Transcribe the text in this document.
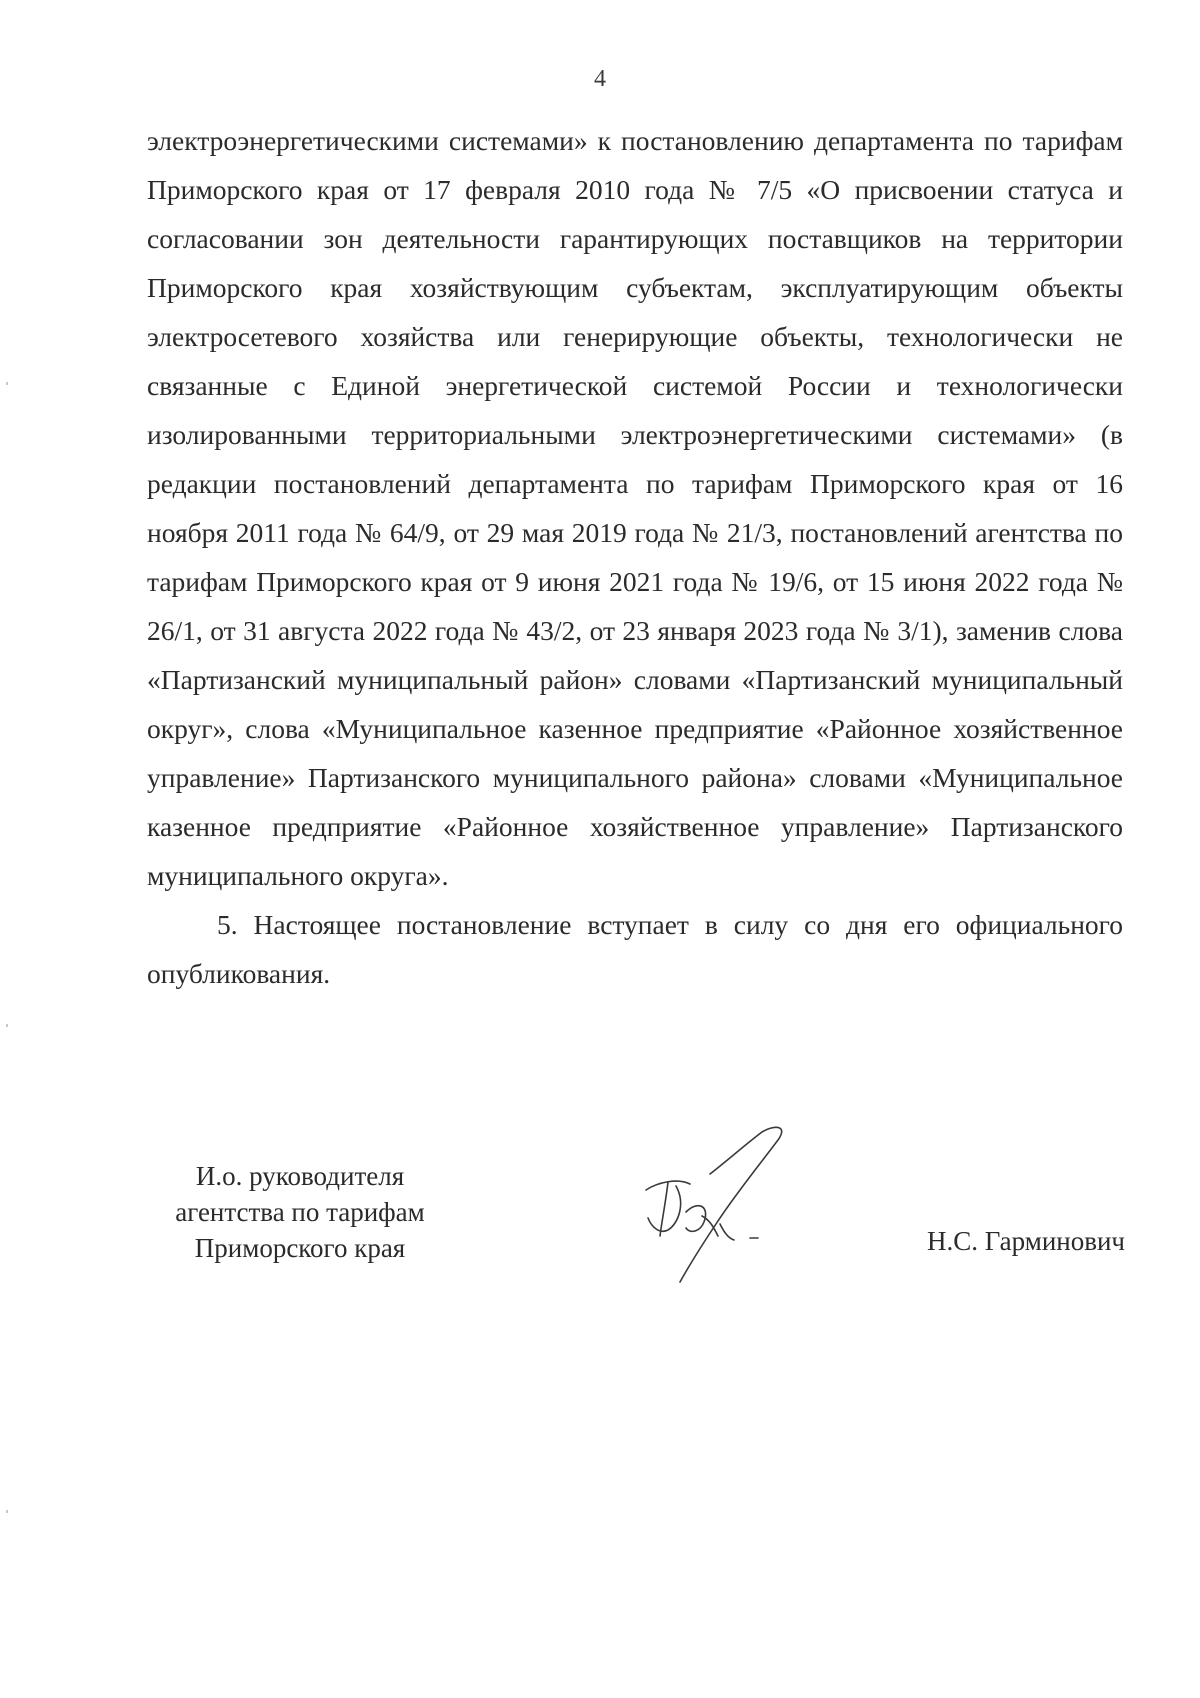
4

электроэнергетическими системами» к постановлению департамента по тарифам Приморского края от 17 февраля 2010 года № 7/5 «О присвоении статуса и согласовании зон деятельности гарантирующих поставщиков на территории Приморского края хозяйствующим субъектам, эксплуатирующим объекты электросетевого хозяйства или генерирующие объекты, технологически не связанные с Единой энергетической системой России и технологически изолированными территориальными электроэнергетическими системами» (в редакции постановлений департамента по тарифам Приморского края от 16 ноября 2011 года № 64/9, от 29 мая 2019 года № 21/3, постановлений агентства по тарифам Приморского края от 9 июня 2021 года № 19/6, от 15 июня 2022 года № 26/1, от 31 августа 2022 года № 43/2, от 23 января 2023 года № 3/1), заменив слова «Партизанский муниципальный район» словами «Партизанский муниципальный округ», слова «Муниципальное казенное предприятие «Районное хозяйственное управление» Партизанского муниципального района» словами «Муниципальное казенное предприятие «Районное хозяйственное управление» Партизанского муниципального округа».

5. Настоящее постановление вступает в силу со дня его официального опубликования.

И.о. руководителя
агентства по тарифам
Приморского края	Н.С. Гарминович
